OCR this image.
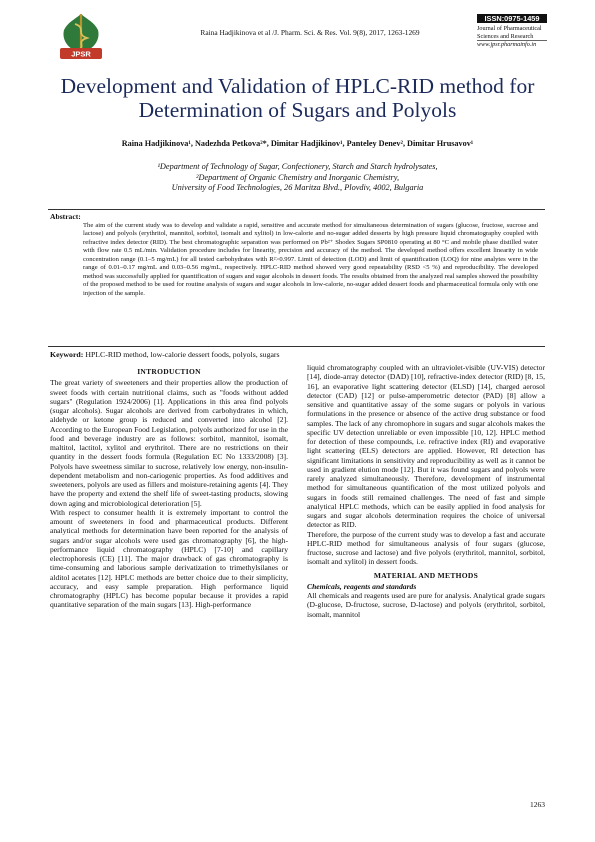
JPSR
Raina Hadjikinova et al /J. Pharm. Sci. & Res. Vol. 9(8), 2017, 1263-1269
ISSN:0975-1459
Journal of Pharmaceutical Sciences and Research
www.jpsr.pharmainfo.in
Development and Validation of HPLC-RID method for Determination of Sugars and Polyols
Raina Hadjikinova¹, Nadezhda Petkova²*, Dimitar Hadjikinov¹, Panteley Denev², Dimitar Hrusavov¹
¹Department of Technology of Sugar, Confectionery, Starch and Starch hydrolysates,
²Department of Organic Chemistry and Inorganic Chemistry,
University of Food Technologies, 26 Maritza Blvd., Plovdiv, 4002, Bulgaria
Abstract:
The aim of the current study was to develop and validate a rapid, sensitive and accurate method for simultaneous determination of sugars (glucose, fructose, sucrose and lactose) and polyols (erythritol, mannitol, sorbitol, isomalt and xylitol) in low-calorie and no-sugar added desserts by high pressure liquid chromatography coupled with refractive index detector (RID). The best chromatographic separation was performed on Pb²⁺ Shodex Sugars SP0810 operating at 80 °C and mobile phase distilled water with flow rate 0.5 mL/min. Validation procedure includes for linearity, precision and accuracy of the method. The developed method offers excellent linearity in wide concentration range (0.1–5 mg/mL) for all tested carbohydrates with R²>0.997. Limit of detection (LOD) and limit of quantification (LOQ) for nine analytes were in the range of 0.01–0.17 mg/mL and 0.03–0.56 mg/mL, respectively. HPLC-RID method showed very good repeatability (RSD <5 %) and reproducibility. The developed method was successfully applied for quantification of sugars and sugar alcohols in dessert foods. The results obtained from the analyzed real samples showed the possibility of the proposed method to be used for routine analysis of sugars and sugar alcohols in low-calorie, no-sugar added dessert foods and pharmaceutical formula only with one injection of the sample.
Keyword: HPLC-RID method, low-calorie dessert foods, polyols, sugars
INTRODUCTION

The great variety of sweeteners and their properties allow the production of sweet foods with certain nutritional claims, such as "foods without added sugars" (Regulation 1924/2006) [1]. Applications in this area find polyols (sugar alcohols). Sugar alcohols are derived from carbohydrates in which, aldehyde or ketone group is reduced and converted into alcohol [2]. According to the European Food Legislation, polyols authorized for use in the food and beverage industry are as follows: sorbitol, mannitol, isomalt, maltitol, lactitol, xylitol and erythritol. There are no restrictions on their quantity in the dessert foods formula (Regulation EC No 1333/2008) [3]. Polyols have sweetness similar to sucrose, relatively low energy, non-insulin-dependent metabolism and non-cariogenic properties. As food additives and sweeteners, polyols are used as fillers and moisture-retaining agents [4]. They have the property and extend the shelf life of sweet-tasting products, slowing down aging and microbiological deterioration [5].

With respect to consumer health it is extremely important to control the amount of sweeteners in food and pharmaceutical products. Different analytical methods for determination have been reported for the analysis of sugars and/or sugar alcohols were used gas chromatography [6], the high-performance liquid chromatography (HPLC) [7-10] and capillary electrophoresis (CE) [11]. The major drawback of gas chromatography is time-consuming and laborious sample derivatization to trimethylsilanes or alditol acetates [12]. HPLC methods are better choice due to their simplicity, accuracy, and easy sample preparation. High performance liquid chromatography (HPLC) has become popular because it provides a rapid quantitative separation of the main sugars [13]. High-performance

liquid chromatography coupled with an ultraviolet-visible (UV-VIS) detector [14], diode-array detector (DAD) [10], refractive-index detector (RID) [8, 15, 16], an evaporative light scattering detector (ELSD) [14], charged aerosol detector (CAD) [12] or pulse-amperometric detector (PAD) [8] allow a sensitive and quantitative assay of the some sugars or polyols in various formulations in the presence or absence of the active drug substance or food samples. The lack of any chromophore in sugars and sugar alcohols makes the specific UV detection unreliable or even impossible [10, 12]. HPLC method for detection of these compounds, i.e. refractive index (RI) and evaporative light scattering (ELS) detectors are applied. However, RI detection has significant limitations in sensitivity and reproducibility as well as it cannot be used in gradient elution mode [12]. But it was found sugars and polyols were rarely analyzed simultaneously. Therefore, development of instrumental method for simultaneous quantification of the most utilized polyols and sugars in foods still remained challenges. The need of fast and simple analytical HPLC methods, which can be easily applied in food analysis for sugars and sugar alcohols determination requires the choice of universal detector as RID.

Therefore, the purpose of the current study was to develop a fast and accurate HPLC-RID method for simultaneous analysis of four sugars (glucose, fructose, sucrose and lactose) and five polyols (erythritol, mannitol, sorbitol, isomalt and xylitol) in dessert foods.

MATERIAL AND METHODS

Chemicals, reagents and standards

All chemicals and reagents used are pure for analysis. Analytical grade sugars (D-glucose, D-fructose, sucrose, D-lactose) and polyols (erythritol, sorbitol, isomalt, mannitol

1263
